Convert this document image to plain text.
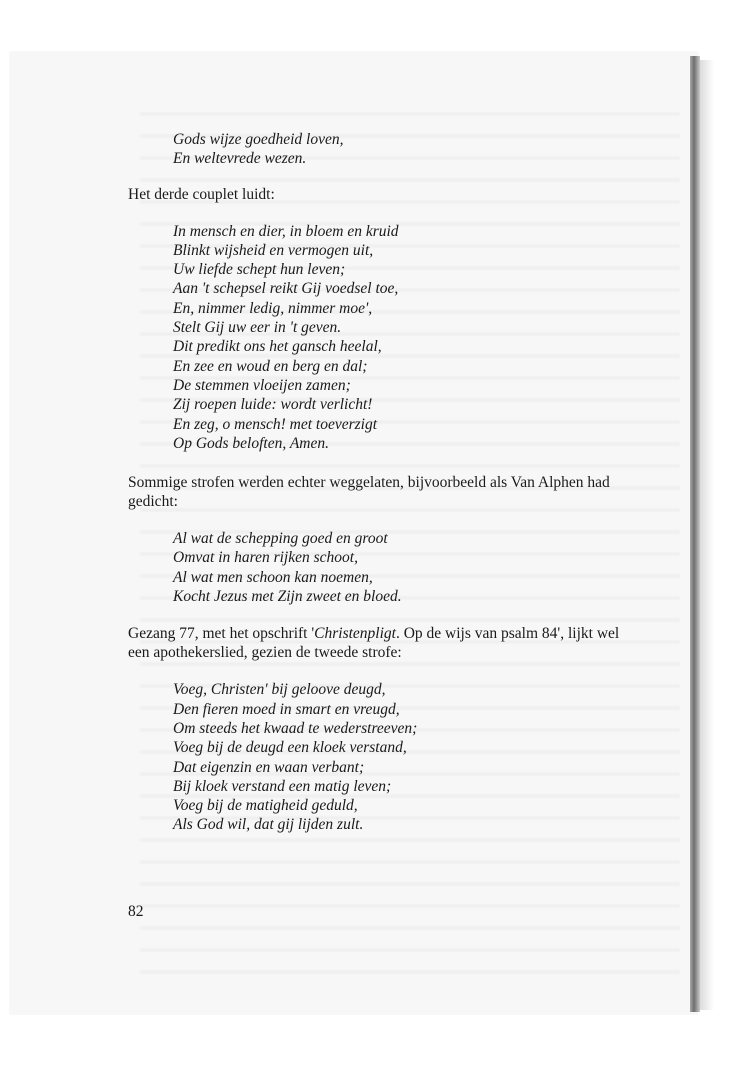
Gods wijze goedheid loven,
En weltevrede wezen.

Het derde couplet luidt:

In mensch en dier, in bloem en kruid
Blinkt wijsheid en vermogen uit,
Uw liefde schept hun leven;
Aan 't schepsel reikt Gij voedsel toe,
En, nimmer ledig, nimmer moe',
Stelt Gij uw eer in 't geven.
Dit predikt ons het gansch heelal,
En zee en woud en berg en dal;
De stemmen vloeijen zamen;
Zij roepen luide: wordt verlicht!
En zeg, o mensch! met toeverzigt
Op Gods beloften, Amen.

Sommige strofen werden echter weggelaten, bijvoorbeeld als Van Alphen had
gedicht:

Al wat de schepping goed en groot
Omvat in haren rijken schoot,
Al wat men schoon kan noemen,
Kocht Jezus met Zijn zweet en bloed.

Gezang 77, met het opschrift 'Christenpligt. Op de wijs van psalm 84', lijkt wel
een apothekerslied, gezien de tweede strofe:

Voeg, Christen' bij geloove deugd,
Den fieren moed in smart en vreugd,
Om steeds het kwaad te wederstreeven;
Voeg bij de deugd een kloek verstand,
Dat eigenzin en waan verbant;
Bij kloek verstand een matig leven;
Voeg bij de matigheid geduld,
Als God wil, dat gij lijden zult.
82
